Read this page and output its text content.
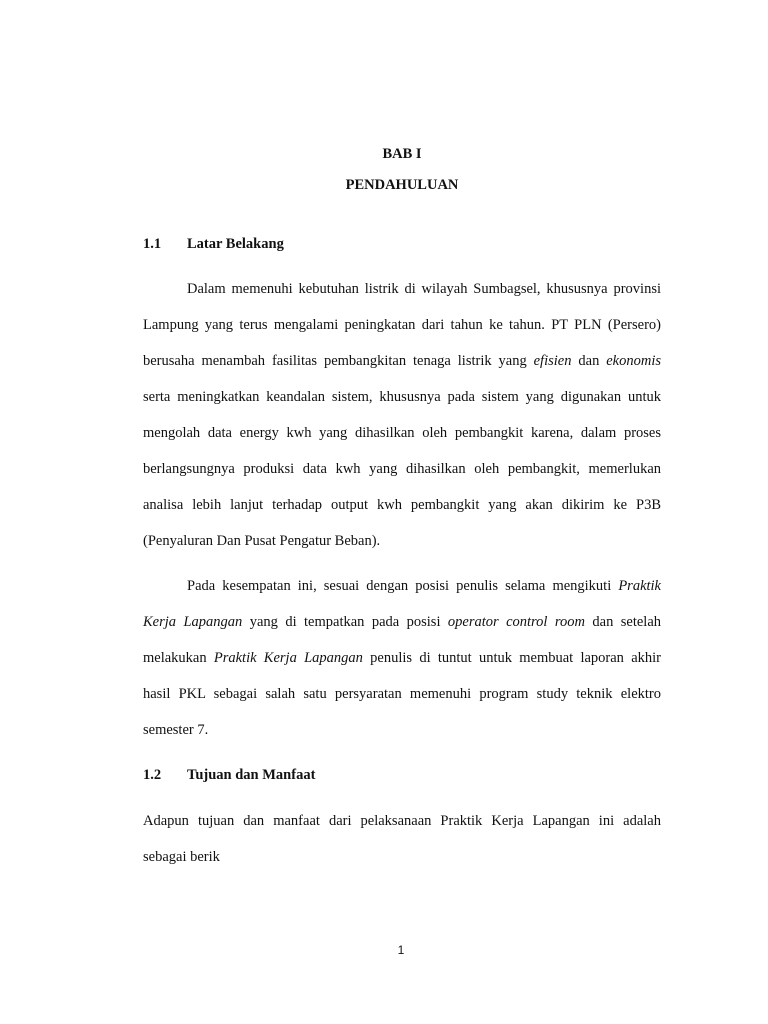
BAB I
PENDAHULUAN
1.1 Latar Belakang
Dalam memenuhi kebutuhan listrik di wilayah Sumbagsel, khususnya provinsi
Lampung yang terus mengalami peningkatan dari tahun ke tahun. PT PLN (Persero)
berusaha menambah fasilitas pembangkitan tenaga listrik yang efisien dan ekonomis
serta meningkatkan keandalan sistem, khususnya pada sistem yang digunakan untuk
mengolah data energy kwh yang dihasilkan oleh pembangkit karena, dalam proses
berlangsungnya produksi data kwh yang dihasilkan oleh pembangkit, memerlukan
analisa lebih lanjut terhadap output kwh pembangkit yang akan dikirim ke P3B
(Penyaluran Dan Pusat Pengatur Beban).
Pada kesempatan ini, sesuai dengan posisi penulis selama mengikuti Praktik
Kerja Lapangan yang di tempatkan pada posisi operator control room dan setelah
melakukan Praktik Kerja Lapangan penulis di tuntut untuk membuat laporan akhir
hasil PKL sebagai salah satu persyaratan memenuhi program study teknik elektro
semester 7.
1.2 Tujuan dan Manfaat
Adapun tujuan dan manfaat dari pelaksanaan Praktik Kerja Lapangan ini adalah
sebagai berik
1
